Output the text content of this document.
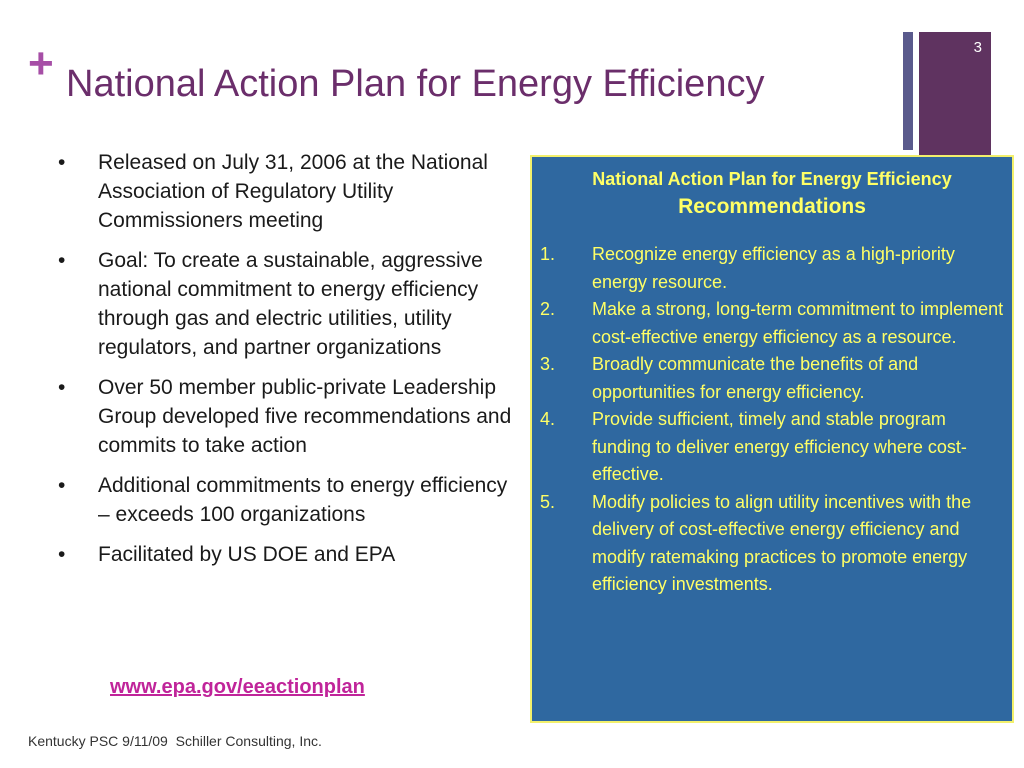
3
+ National Action Plan for Energy Efficiency
• Released on July 31, 2006 at the National Association of Regulatory Utility Commissioners meeting
• Goal: To create a sustainable, aggressive national commitment to energy efficiency through gas and electric utilities, utility regulators, and partner organizations
• Over 50 member public-private Leadership Group developed five recommendations and commits to take action
• Additional commitments to energy efficiency – exceeds 100 organizations
• Facilitated by US DOE and EPA
www.epa.gov/eeactionplan
National Action Plan for Energy Efficiency
Recommendations
1. Recognize energy efficiency as a high-priority energy resource.
2. Make a strong, long-term commitment to implement cost-effective energy efficiency as a resource.
3. Broadly communicate the benefits of and opportunities for energy efficiency.
4. Provide sufficient, timely and stable program funding to deliver energy efficiency where cost-effective.
5. Modify policies to align utility incentives with the delivery of cost-effective energy efficiency and modify ratemaking practices to promote energy efficiency investments.
Kentucky PSC 9/11/09  Schiller Consulting, Inc.
